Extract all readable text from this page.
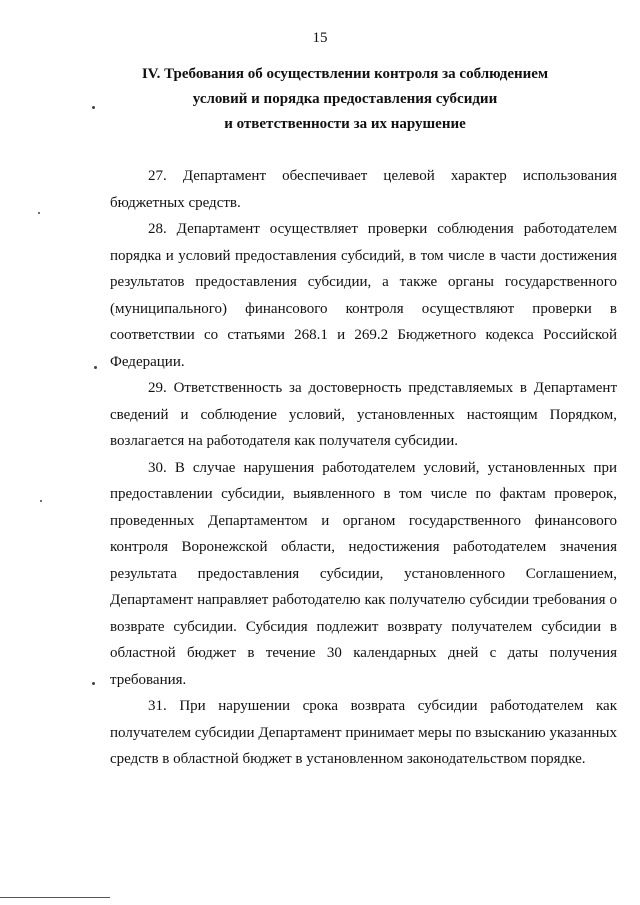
15
IV. Требования об осуществлении контроля за соблюдением
условий и порядка предоставления субсидии
и ответственности за их нарушение

27. Департамент обеспечивает целевой характер использования бюджетных средств.

28. Департамент осуществляет проверки соблюдения работодателем порядка и условий предоставления субсидий, в том числе в части достижения результатов предоставления субсидии, а также органы государственного (муниципального) финансового контроля осуществляют проверки в соответствии со статьями 268.1 и 269.2 Бюджетного кодекса Российской Федерации.

29. Ответственность за достоверность представляемых в Департамент сведений и соблюдение условий, установленных настоящим Порядком, возлагается на работодателя как получателя субсидии.

30. В случае нарушения работодателем условий, установленных при предоставлении субсидии, выявленного в том числе по фактам проверок, проведенных Департаментом и органом государственного финансового контроля Воронежской области, недостижения работодателем значения результата предоставления субсидии, установленного Соглашением, Департамент направляет работодателю как получателю субсидии требования о возврате субсидии. Субсидия подлежит возврату получателем субсидии в областной бюджет в течение 30 календарных дней с даты получения требования.

31. При нарушении срока возврата субсидии работодателем как получателем субсидии Департамент принимает меры по взысканию указанных средств в областной бюджет в установленном законодательством порядке.
